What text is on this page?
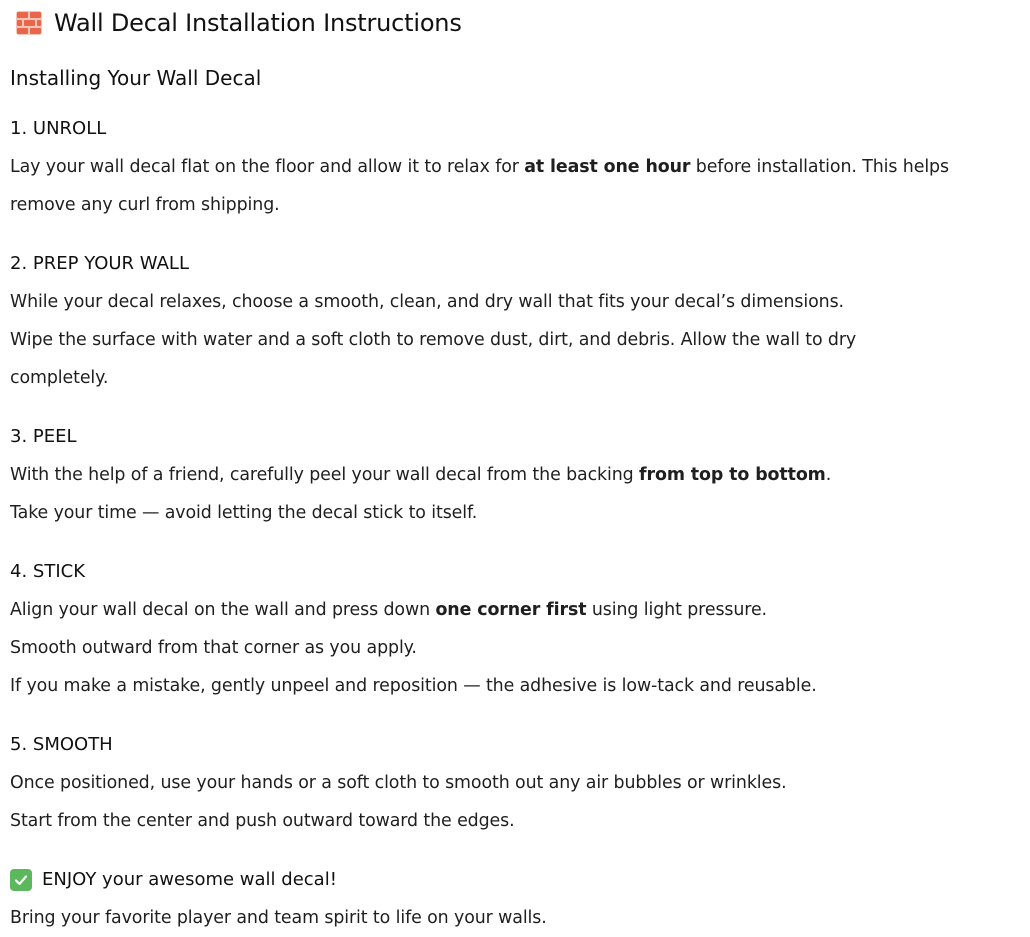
Wall Decal Installation Instructions
Installing Your Wall Decal
1. UNROLL
Lay your wall decal flat on the floor and allow it to relax for at least one hour before installation. This helps
remove any curl from shipping.
2. PREP YOUR WALL
While your decal relaxes, choose a smooth, clean, and dry wall that fits your decal’s dimensions.
Wipe the surface with water and a soft cloth to remove dust, dirt, and debris. Allow the wall to dry
completely.
3. PEEL
With the help of a friend, carefully peel your wall decal from the backing from top to bottom.
Take your time — avoid letting the decal stick to itself.
4. STICK
Align your wall decal on the wall and press down one corner first using light pressure.
Smooth outward from that corner as you apply.
If you make a mistake, gently unpeel and reposition — the adhesive is low-tack and reusable.
5. SMOOTH
Once positioned, use your hands or a soft cloth to smooth out any air bubbles or wrinkles.
Start from the center and push outward toward the edges.
ENJOY your awesome wall decal!
Bring your favorite player and team spirit to life on your walls.
